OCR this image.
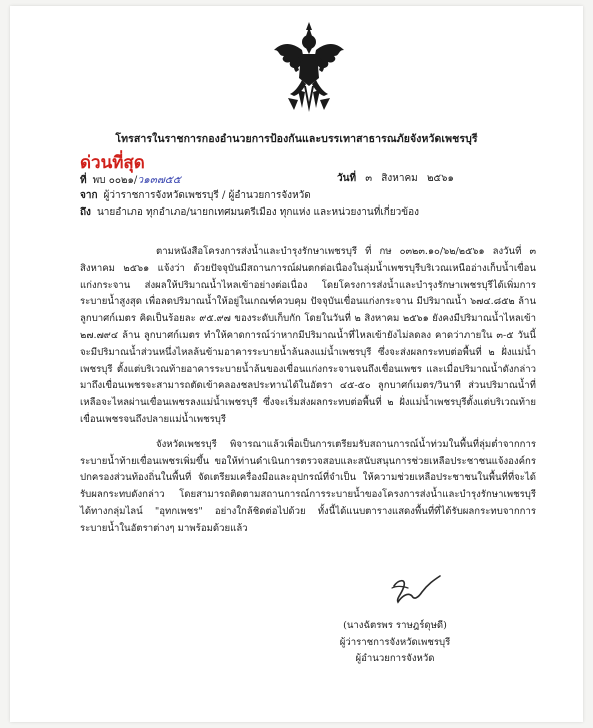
โทรสารในราชการกองอำนวยการป้องกันและบรรเทาสาธารณภัยจังหวัดเพชรบุรี
ด่วนที่สุด
ที่ พบ ๐๐๒๑/ว๑๓๗๕๕	วันที่ ๓ สิงหาคม ๒๕๖๑
จาก ผู้ว่าราชการจังหวัดเพชรบุรี / ผู้อำนวยการจังหวัด
ถึง นายอำเภอ ทุกอำเภอ/นายกเทศมนตรีเมือง ทุกแห่ง และหน่วยงานที่เกี่ยวข้อง

ตามหนังสือโครงการส่งน้ำและบำรุงรักษาเพชรบุรี ที่ กษ ๐๓๒๓.๑๐/๖๒/๒๕๖๑ ลงวันที่ ๓ สิงหาคม ๒๕๖๑ แจ้งว่า ด้วยปัจจุบันมีสถานการณ์ฝนตกต่อเนื่องในลุ่มน้ำเพชรบุรีบริเวณเหนืออ่างเก็บน้ำเขื่อนแก่งกระจาน ส่งผลให้ปริมาณน้ำไหลเข้าอย่างต่อเนื่อง โดยโครงการส่งน้ำและบำรุงรักษาเพชรบุรีได้เพิ่มการระบายน้ำสูงสุด เพื่อลดปริมาณน้ำให้อยู่ในเกณฑ์ควบคุม ปัจจุบันเขื่อนแก่งกระจาน มีปริมาณน้ำ ๖๗๔.๘๕๒ ล้านลูกบาศก์เมตร คิดเป็นร้อยละ ๙๕.๙๗ ของระดับเก็บกัก โดยในวันที่ ๒ สิงหาคม ๒๕๖๑ ยังคงมีปริมาณน้ำไหลเข้า ๒๗.๗๙๔ ล้าน ลูกบาศก์เมตร ทำให้คาดการณ์ว่าหากมีปริมาณน้ำที่ไหลเข้ายังไม่ลดลง คาดว่าภายใน ๓-๕ วันนี้ จะมีปริมาณน้ำส่วนหนึ่งไหลล้นข้ามอาคารระบายน้ำล้นลงแม่น้ำเพชรบุรี ซึ่งจะส่งผลกระทบต่อพื้นที่ ๒ ฝั่งแม่น้ำเพชรบุรี ตั้งแต่บริเวณท้ายอาคารระบายน้ำล้นของเขื่อนแก่งกระจานจนถึงเขื่อนเพชร และเมื่อปริมาณน้ำดังกล่าวมาถึงเขื่อนเพชรจะสามารถตัดเข้าคลองชลประทานได้ในอัตรา ๔๕-๕๐ ลูกบาศก์เมตร/วินาที ส่วนปริมาณน้ำที่เหลือจะไหลผ่านเขื่อนเพชรลงแม่น้ำเพชรบุรี ซึ่งจะเริ่มส่งผลกระทบต่อพื้นที่ ๒ ฝั่งแม่น้ำเพชรบุรีตั้งแต่บริเวณท้ายเขื่อนเพชรจนถึงปลายแม่น้ำเพชรบุรี

จังหวัดเพชรบุรี พิจารณาแล้วเพื่อเป็นการเตรียมรับสถานการณ์น้ำท่วมในพื้นที่ลุ่มต่ำจากการระบายน้ำท้ายเขื่อนเพชรเพิ่มขึ้น ขอให้ท่านดำเนินการตรวจสอบและสนับสนุนการช่วยเหลือประชาชนแจ้งองค์กรปกครองส่วนท้องถิ่นในพื้นที่ จัดเตรียมเครื่องมือและอุปกรณ์ที่จำเป็น ให้ความช่วยเหลือประชาชนในพื้นที่ที่จะได้รับผลกระทบดังกล่าว โดยสามารถติดตามสถานการณ์การระบายน้ำของโครงการส่งน้ำและบำรุงรักษาเพชรบุรี ได้ทางกลุ่มไลน์ "อุทกเพชร" อย่างใกล้ชิดต่อไปด้วย ทั้งนี้ได้แนบตารางแสดงพื้นที่ที่ได้รับผลกระทบจากการระบายน้ำในอัตราต่างๆ มาพร้อมด้วยแล้ว

(นางฉัตรพร ราษฎร์ดุษดี)
ผู้ว่าราชการจังหวัดเพชรบุรี
ผู้อำนวยการจังหวัด
